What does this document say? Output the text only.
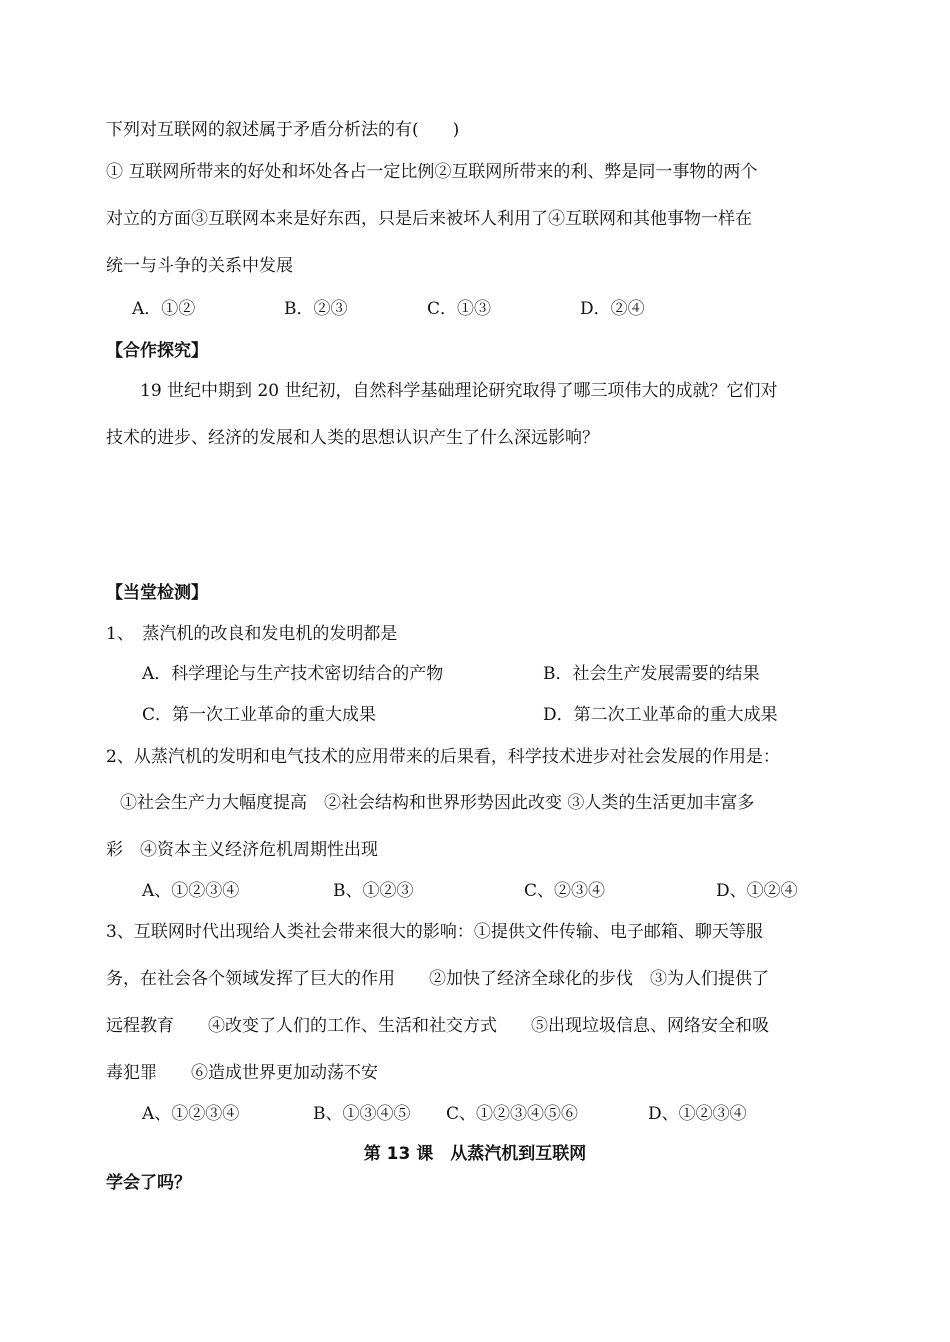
下列对互联网的叙述属于矛盾分析法的有(　　)
① 互联网所带来的好处和坏处各占一定比例②互联网所带来的利、弊是同一事物的两个
对立的方面③互联网本来是好东西，只是后来被坏人利用了④互联网和其他事物一样在
统一与斗争的关系中发展
A．①②	B．②③	C．①③	D．②④
【合作探究】
19 世纪中期到 20 世纪初，自然科学基础理论研究取得了哪三项伟大的成就？它们对
技术的进步、经济的发展和人类的思想认识产生了什么深远影响？
【当堂检测】
1、　蒸汽机的改良和发电机的发明都是
A．科学理论与生产技术密切结合的产物	B．社会生产发展需要的结果
C．第一次工业革命的重大成果	D．第二次工业革命的重大成果
2、从蒸汽机的发明和电气技术的应用带来的后果看，科学技术进步对社会发展的作用是：
①社会生产力大幅度提高　②社会结构和世界形势因此改变 ③人类的生活更加丰富多
彩　④资本主义经济危机周期性出现
A、①②③④	B、①②③	C、②③④	D、①②④
3、互联网时代出现给人类社会带来很大的影响：①提供文件传输、电子邮箱、聊天等服
务，在社会各个领域发挥了巨大的作用　　②加快了经济全球化的步伐　③为人们提供了
远程教育　　④改变了人们的工作、生活和社交方式　　⑤出现垃圾信息、网络安全和吸
毒犯罪　　⑥造成世界更加动荡不安
A、①②③④	B、①③④⑤ C、①②③④⑤⑥	D、①②③④
第 13 课　从蒸汽机到互联网
学会了吗？
